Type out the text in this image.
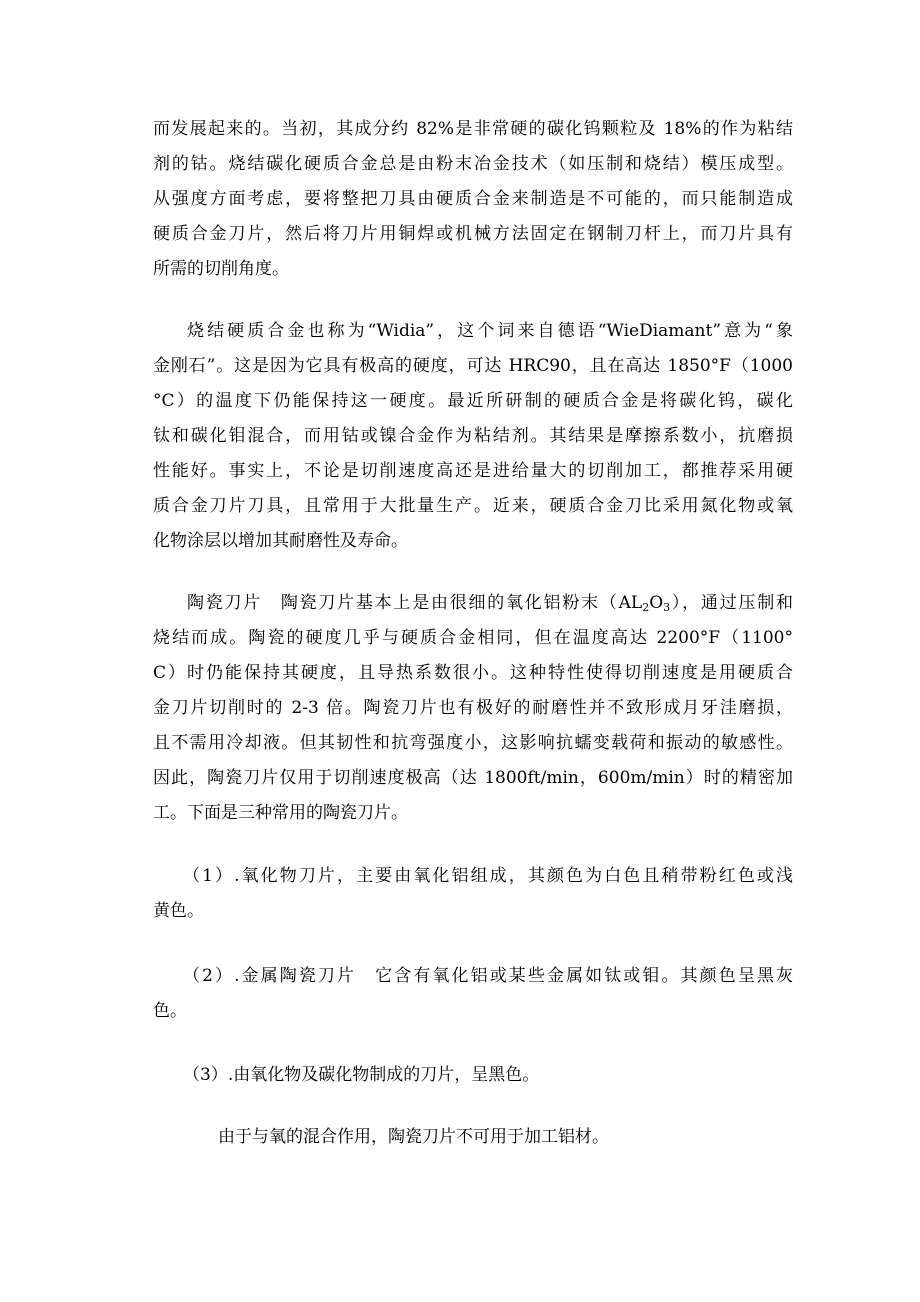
而发展起来的。当初，其成分约 82%是非常硬的碳化钨颗粒及 18%的作为粘结

剂的钴。烧结碳化硬质合金总是由粉末冶金技术（如压制和烧结）模压成型。

从强度方面考虑，要将整把刀具由硬质合金来制造是不可能的，而只能制造成

硬质合金刀片，然后将刀片用铜焊或机械方法固定在钢制刀杆上，而刀片具有

所需的切削角度。

烧结硬质合金也称为“Widia”，这个词来自德语“WieDiamant”意为“象

金刚石”。这是因为它具有极高的硬度，可达 HRC90，且在高达 1850°F（1000

°C）的温度下仍能保持这一硬度。最近所研制的硬质合金是将碳化钨，碳化

钛和碳化钼混合，而用钴或镍合金作为粘结剂。其结果是摩擦系数小，抗磨损

性能好。事实上，不论是切削速度高还是进给量大的切削加工，都推荐采用硬

质合金刀片刀具，且常用于大批量生产。近来，硬质合金刀比采用氮化物或氧

化物涂层以增加其耐磨性及寿命。

陶瓷刀片　陶瓷刀片基本上是由很细的氧化铝粉末$(AL_2O_3)$，通过压制和

烧结而成。陶瓷的硬度几乎与硬质合金相同，但在温度高达 2200°F（1100°

C）时仍能保持其硬度，且导热系数很小。这种特性使得切削速度是用硬质合

金刀片切削时的 2-3 倍。陶瓷刀片也有极好的耐磨性并不致形成月牙洼磨损，

且不需用冷却液。但其韧性和抗弯强度小，这影响抗蠕变载荷和振动的敏感性。

因此，陶瓷刀片仅用于切削速度极高（达 1800ft/min，600m/min）时的精密加

工。下面是三种常用的陶瓷刀片。

（1）.氧化物刀片，主要由氧化铝组成，其颜色为白色且稍带粉红色或浅

黄色。

（2）.金属陶瓷刀片　它含有氧化铝或某些金属如钛或钼。其颜色呈黑灰

色。

（3）.由氧化物及碳化物制成的刀片，呈黑色。

由于与氧的混合作用，陶瓷刀片不可用于加工铝材。
